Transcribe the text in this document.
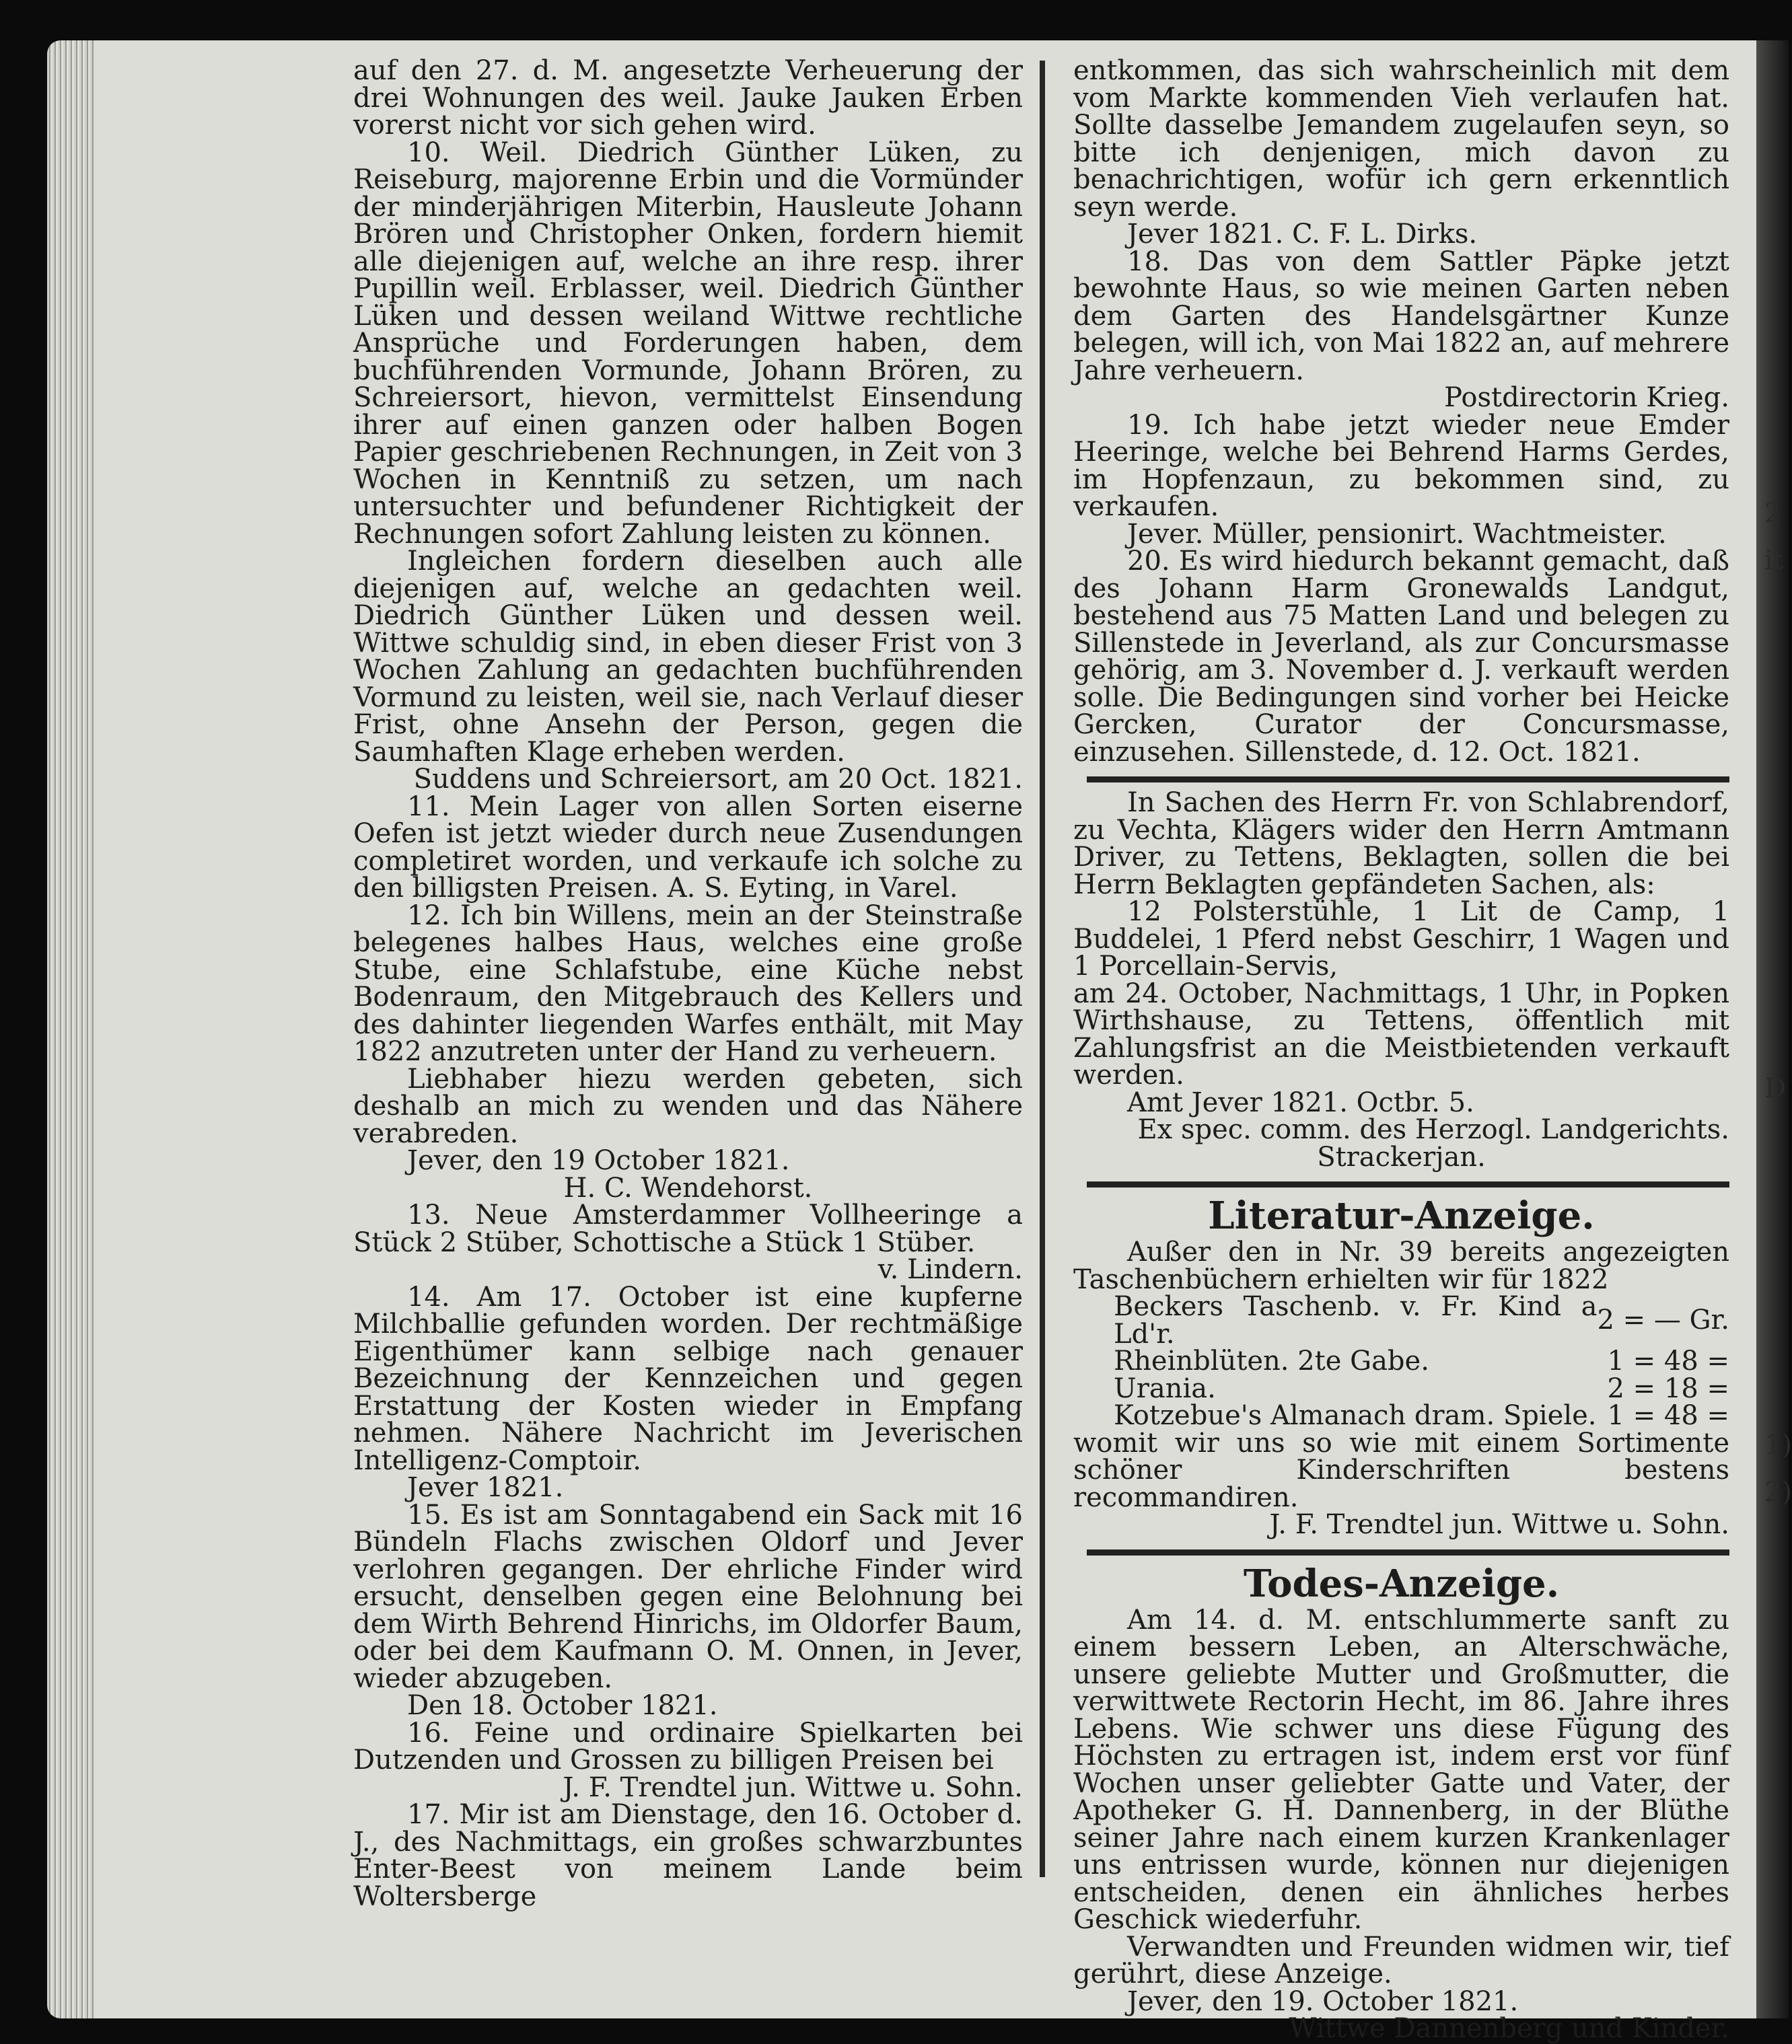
auf den 27. d. M. angesetzte Verheuerung der drei Wohnungen des weil. Jauke Jauken Erben vorerst nicht vor sich gehen wird.

10. Weil. Diedrich Günther Lüken, zu Reiseburg, majorenne Erbin und die Vormünder der minderjährigen Miterbin, Hausleute Johann Brören und Christopher Onken, fordern hiemit alle diejenigen auf, welche an ihre resp. ihrer Pupillin weil. Erblasser, weil. Diedrich Günther Lüken und dessen weiland Wittwe rechtliche Ansprüche und Forderungen haben, dem buchführenden Vormunde, Johann Brören, zu Schreiersort, hievon, vermittelst Einsendung ihrer auf einen ganzen oder halben Bogen Papier geschriebenen Rechnungen, in Zeit von 3 Wochen in Kenntniß zu setzen, um nach untersuchter und befundener Richtigkeit der Rechnungen sofort Zahlung leisten zu können.

Ingleichen fordern dieselben auch alle diejenigen auf, welche an gedachten weil. Diedrich Günther Lüken und dessen weil. Wittwe schuldig sind, in eben dieser Frist von 3 Wochen Zahlung an gedachten buchführenden Vormund zu leisten, weil sie, nach Verlauf dieser Frist, ohne Ansehn der Person, gegen die Saumhaften Klage erheben werden.

Suddens und Schreiersort, am 20 Oct. 1821.

11. Mein Lager von allen Sorten eiserne Oefen ist jetzt wieder durch neue Zusendungen completiret worden, und verkaufe ich solche zu den billigsten Preisen. A. S. Eyting, in Varel.

12. Ich bin Willens, mein an der Steinstraße belegenes halbes Haus, welches eine große Stube, eine Schlafstube, eine Küche nebst Bodenraum, den Mitgebrauch des Kellers und des dahinter liegenden Warfes enthält, mit May 1822 anzutreten unter der Hand zu verheuern.

Liebhaber hiezu werden gebeten, sich deshalb an mich zu wenden und das Nähere verabreden.

Jever, den 19 October 1821.

H. C. Wendehorst.

13. Neue Amsterdammer Vollheeringe a Stück 2 Stüber, Schottische a Stück 1 Stüber.

v. Lindern.

14. Am 17. October ist eine kupferne Milchballie gefunden worden. Der rechtmäßige Eigenthümer kann selbige nach genauer Bezeichnung der Kennzeichen und gegen Erstattung der Kosten wieder in Empfang nehmen. Nähere Nachricht im Jeverischen Intelligenz-Comptoir.

Jever 1821.

15. Es ist am Sonntagabend ein Sack mit 16 Bündeln Flachs zwischen Oldorf und Jever verlohren gegangen. Der ehrliche Finder wird ersucht, denselben gegen eine Belohnung bei dem Wirth Behrend Hinrichs, im Oldorfer Baum, oder bei dem Kaufmann O. M. Onnen, in Jever, wieder abzugeben.

Den 18. October 1821.

16. Feine und ordinaire Spielkarten bei Dutzenden und Grossen zu billigen Preisen bei

J. F. Trendtel jun. Wittwe u. Sohn.

17. Mir ist am Dienstage, den 16. October d. J., des Nachmittags, ein großes schwarzbuntes Enter-Beest von meinem Lande beim Woltersberge

entkommen, das sich wahrscheinlich mit dem vom Markte kommenden Vieh verlaufen hat. Sollte dasselbe Jemandem zugelaufen seyn, so bitte ich denjenigen, mich davon zu benachrichtigen, wofür ich gern erkenntlich seyn werde.

Jever 1821. C. F. L. Dirks.

18. Das von dem Sattler Päpke jetzt bewohnte Haus, so wie meinen Garten neben dem Garten des Handelsgärtner Kunze belegen, will ich, von Mai 1822 an, auf mehrere Jahre verheuern.

Postdirectorin Krieg.

19. Ich habe jetzt wieder neue Emder Heeringe, welche bei Behrend Harms Gerdes, im Hopfenzaun, zu bekommen sind, zu verkaufen.

Jever. Müller, pensionirt. Wachtmeister.

20. Es wird hiedurch bekannt gemacht, daß des Johann Harm Gronewalds Landgut, bestehend aus 75 Matten Land und belegen zu Sillenstede in Jeverland, als zur Concursmasse gehörig, am 3. November d. J. verkauft werden solle. Die Bedingungen sind vorher bei Heicke Gercken, Curator der Concursmasse, einzusehen. Sillenstede, d. 12. Oct. 1821.

In Sachen des Herrn Fr. von Schlabrendorf, zu Vechta, Klägers wider den Herrn Amtmann Driver, zu Tettens, Beklagten, sollen die bei Herrn Beklagten gepfändeten Sachen, als:

12 Polsterstühle, 1 Lit de Camp, 1 Buddelei, 1 Pferd nebst Geschirr, 1 Wagen und 1 Porcellain-Servis,

am 24. October, Nachmittags, 1 Uhr, in Popken Wirthshause, zu Tettens, öffentlich mit Zahlungsfrist an die Meistbietenden verkauft werden.

Amt Jever 1821. Octbr. 5.

Ex spec. comm. des Herzogl. Landgerichts.

Strackerjan.

Literatur-Anzeige.

Außer den in Nr. 39 bereits angezeigten Taschenbüchern erhielten wir für 1822

Beckers Taschenb. v. Fr. Kind a Ld'r.	2 = — Gr.
Rheinblüten. 2te Gabe.	1 = 48 =
Urania.	2 = 18 =
Kotzebue's Almanach dram. Spiele.	1 = 48 =

womit wir uns so wie mit einem Sortimente schöner Kinderschriften bestens recommandiren.

J. F. Trendtel jun. Wittwe u. Sohn.

Todes-Anzeige.

Am 14. d. M. entschlummerte sanft zu einem bessern Leben, an Alterschwäche, unsere geliebte Mutter und Großmutter, die verwittwete Rectorin Hecht, im 86. Jahre ihres Lebens. Wie schwer uns diese Fügung des Höchsten zu ertragen ist, indem erst vor fünf Wochen unser geliebter Gatte und Vater, der Apotheker G. H. Dannenberg, in der Blüthe seiner Jahre nach einem kurzen Krankenlager uns entrissen wurde, können nur diejenigen entscheiden, denen ein ähnliches herbes Geschick wiederfuhr.

Verwandten und Freunden widmen wir, tief gerührt, diese Anzeige.

Jever, den 19. October 1821.

Wittwe Dannenberg und Kinder.

2
it
D
1)
2)
